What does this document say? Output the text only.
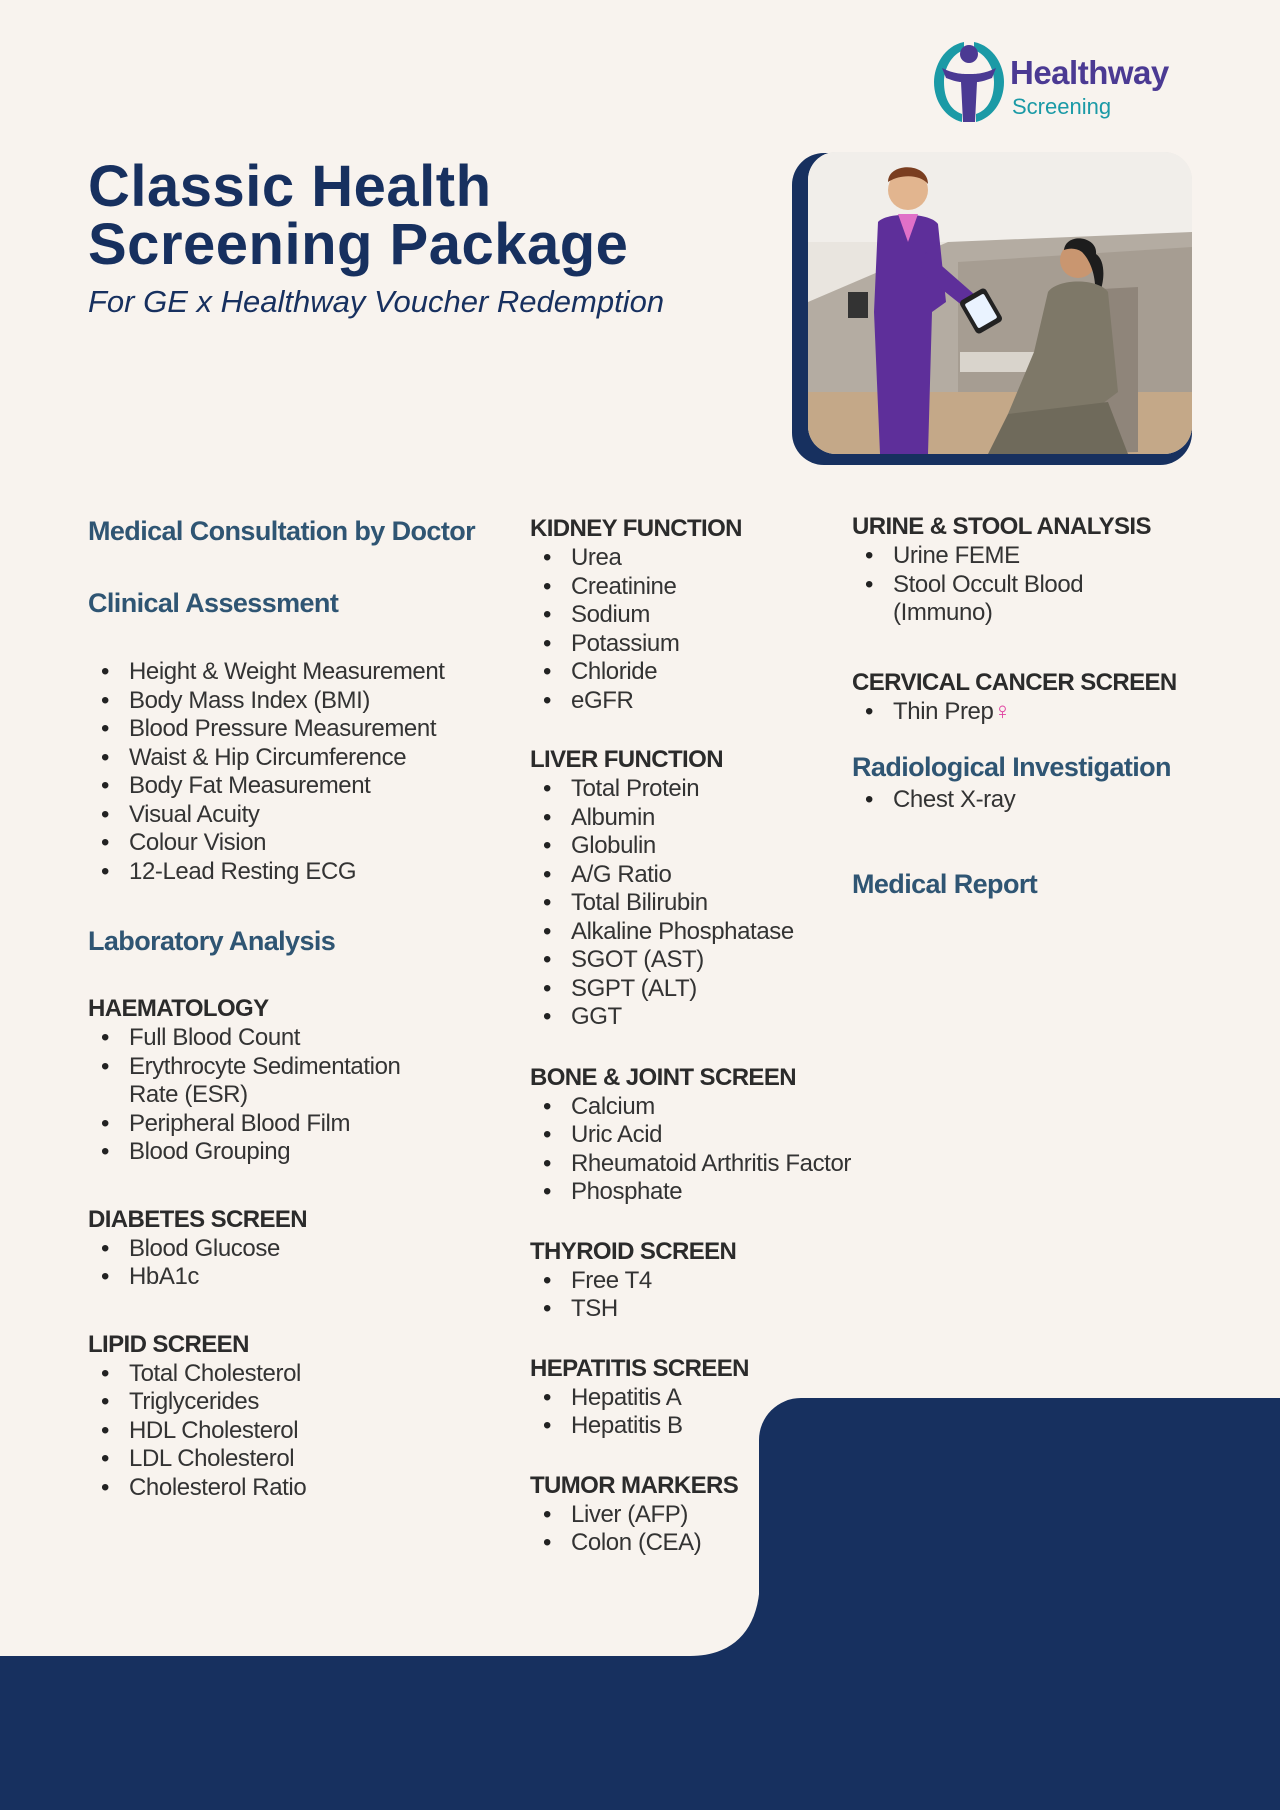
Healthway
Screening
Classic Health
Screening Package
For GE x Healthway Voucher Redemption
Medical Consultation by Doctor
Clinical Assessment
• Height & Weight Measurement
• Body Mass Index (BMI)
• Blood Pressure Measurement
• Waist & Hip Circumference
• Body Fat Measurement
• Visual Acuity
• Colour Vision
• 12-Lead Resting ECG
Laboratory Analysis
HAEMATOLOGY
• Full Blood Count
• Erythrocyte Sedimentation Rate (ESR)
• Peripheral Blood Film
• Blood Grouping
DIABETES SCREEN
• Blood Glucose
• HbA1c
LIPID SCREEN
• Total Cholesterol
• Triglycerides
• HDL Cholesterol
• LDL Cholesterol
• Cholesterol Ratio
KIDNEY FUNCTION
• Urea
• Creatinine
• Sodium
• Potassium
• Chloride
• eGFR
LIVER FUNCTION
• Total Protein
• Albumin
• Globulin
• A/G Ratio
• Total Bilirubin
• Alkaline Phosphatase
• SGOT (AST)
• SGPT (ALT)
• GGT
BONE & JOINT SCREEN
• Calcium
• Uric Acid
• Rheumatoid Arthritis Factor
• Phosphate
THYROID SCREEN
• Free T4
• TSH
HEPATITIS SCREEN
• Hepatitis A
• Hepatitis B
TUMOR MARKERS
• Liver (AFP)
• Colon (CEA)
URINE & STOOL ANALYSIS
• Urine FEME
• Stool Occult Blood (Immuno)
CERVICAL CANCER SCREEN
• Thin Prep♀
Radiological Investigation
• Chest X-ray
Medical Report
